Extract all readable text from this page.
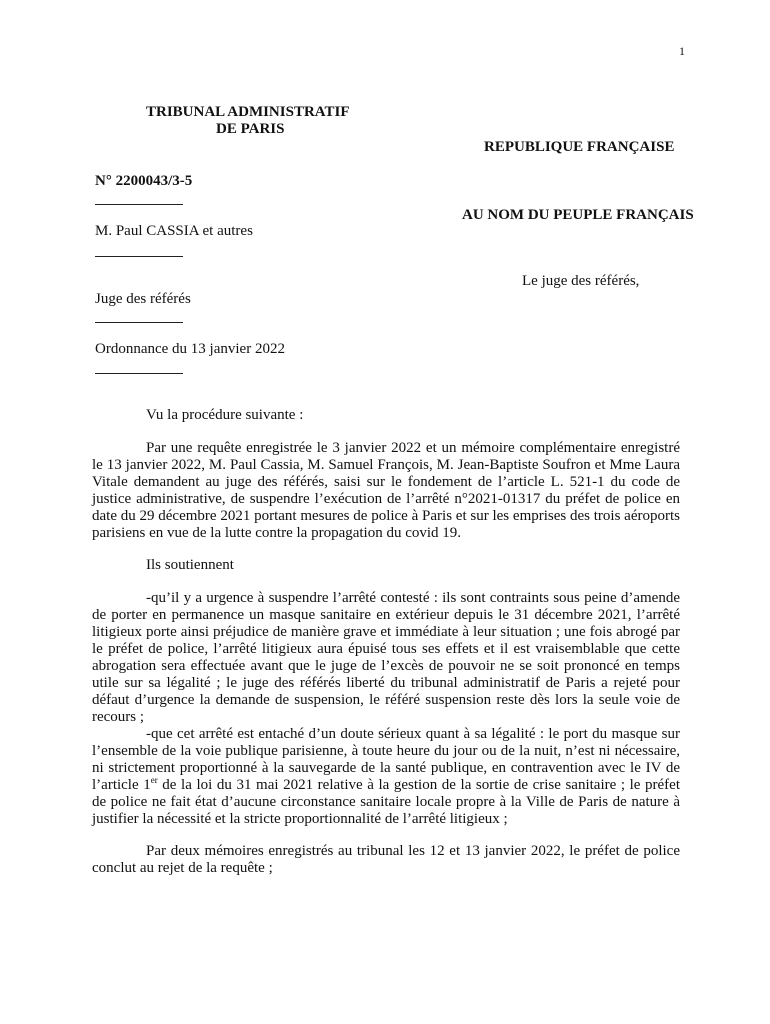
1
TRIBUNAL ADMINISTRATIF
DE PARIS
REPUBLIQUE FRANÇAISE
N° 2200043/3-5
AU NOM DU PEUPLE FRANÇAIS
M. Paul CASSIA et autres
Le juge des référés,
Juge des référés
Ordonnance du 13 janvier 2022
Vu la procédure suivante :

Par une requête enregistrée le 3 janvier 2022 et un mémoire complémentaire enregistré le 13 janvier 2022, M. Paul Cassia, M. Samuel François, M. Jean-Baptiste Soufron et Mme Laura Vitale demandent au juge des référés, saisi sur le fondement de l’article L. 521-1 du code de justice administrative, de suspendre l’exécution de l’arrêté n°2021-01317 du préfet de police en date du 29 décembre 2021 portant mesures de police à Paris et sur les emprises des trois aéroports parisiens en vue de la lutte contre la propagation du covid 19.

Ils soutiennent

-qu’il y a urgence à suspendre l’arrêté contesté : ils sont contraints sous peine d’amende de porter en permanence un masque sanitaire en extérieur depuis le 31 décembre 2021, l’arrêté litigieux porte ainsi préjudice de manière grave et immédiate à leur situation ; une fois abrogé par le préfet de police, l’arrêté litigieux aura épuisé tous ses effets et il est vraisemblable que cette abrogation sera effectuée avant que le juge de l’excès de pouvoir ne se soit prononcé en temps utile sur sa légalité ; le juge des référés liberté du tribunal administratif de Paris a rejeté pour défaut d’urgence la demande de suspension, le référé suspension reste dès lors la seule voie de recours ;

-que cet arrêté est entaché d’un doute sérieux quant à sa légalité : le port du masque sur l’ensemble de la voie publique parisienne, à toute heure du jour ou de la nuit, n’est ni nécessaire, ni strictement proportionné à la sauvegarde de la santé publique, en contravention avec le IV de l’article 1er de la loi du 31 mai 2021 relative à la gestion de la sortie de crise sanitaire ; le préfet de police ne fait état d’aucune circonstance sanitaire locale propre à la Ville de Paris de nature à justifier la nécessité et la stricte proportionnalité de l’arrêté litigieux ;

Par deux mémoires enregistrés au tribunal les 12 et 13 janvier 2022, le préfet de police conclut au rejet de la requête ;
